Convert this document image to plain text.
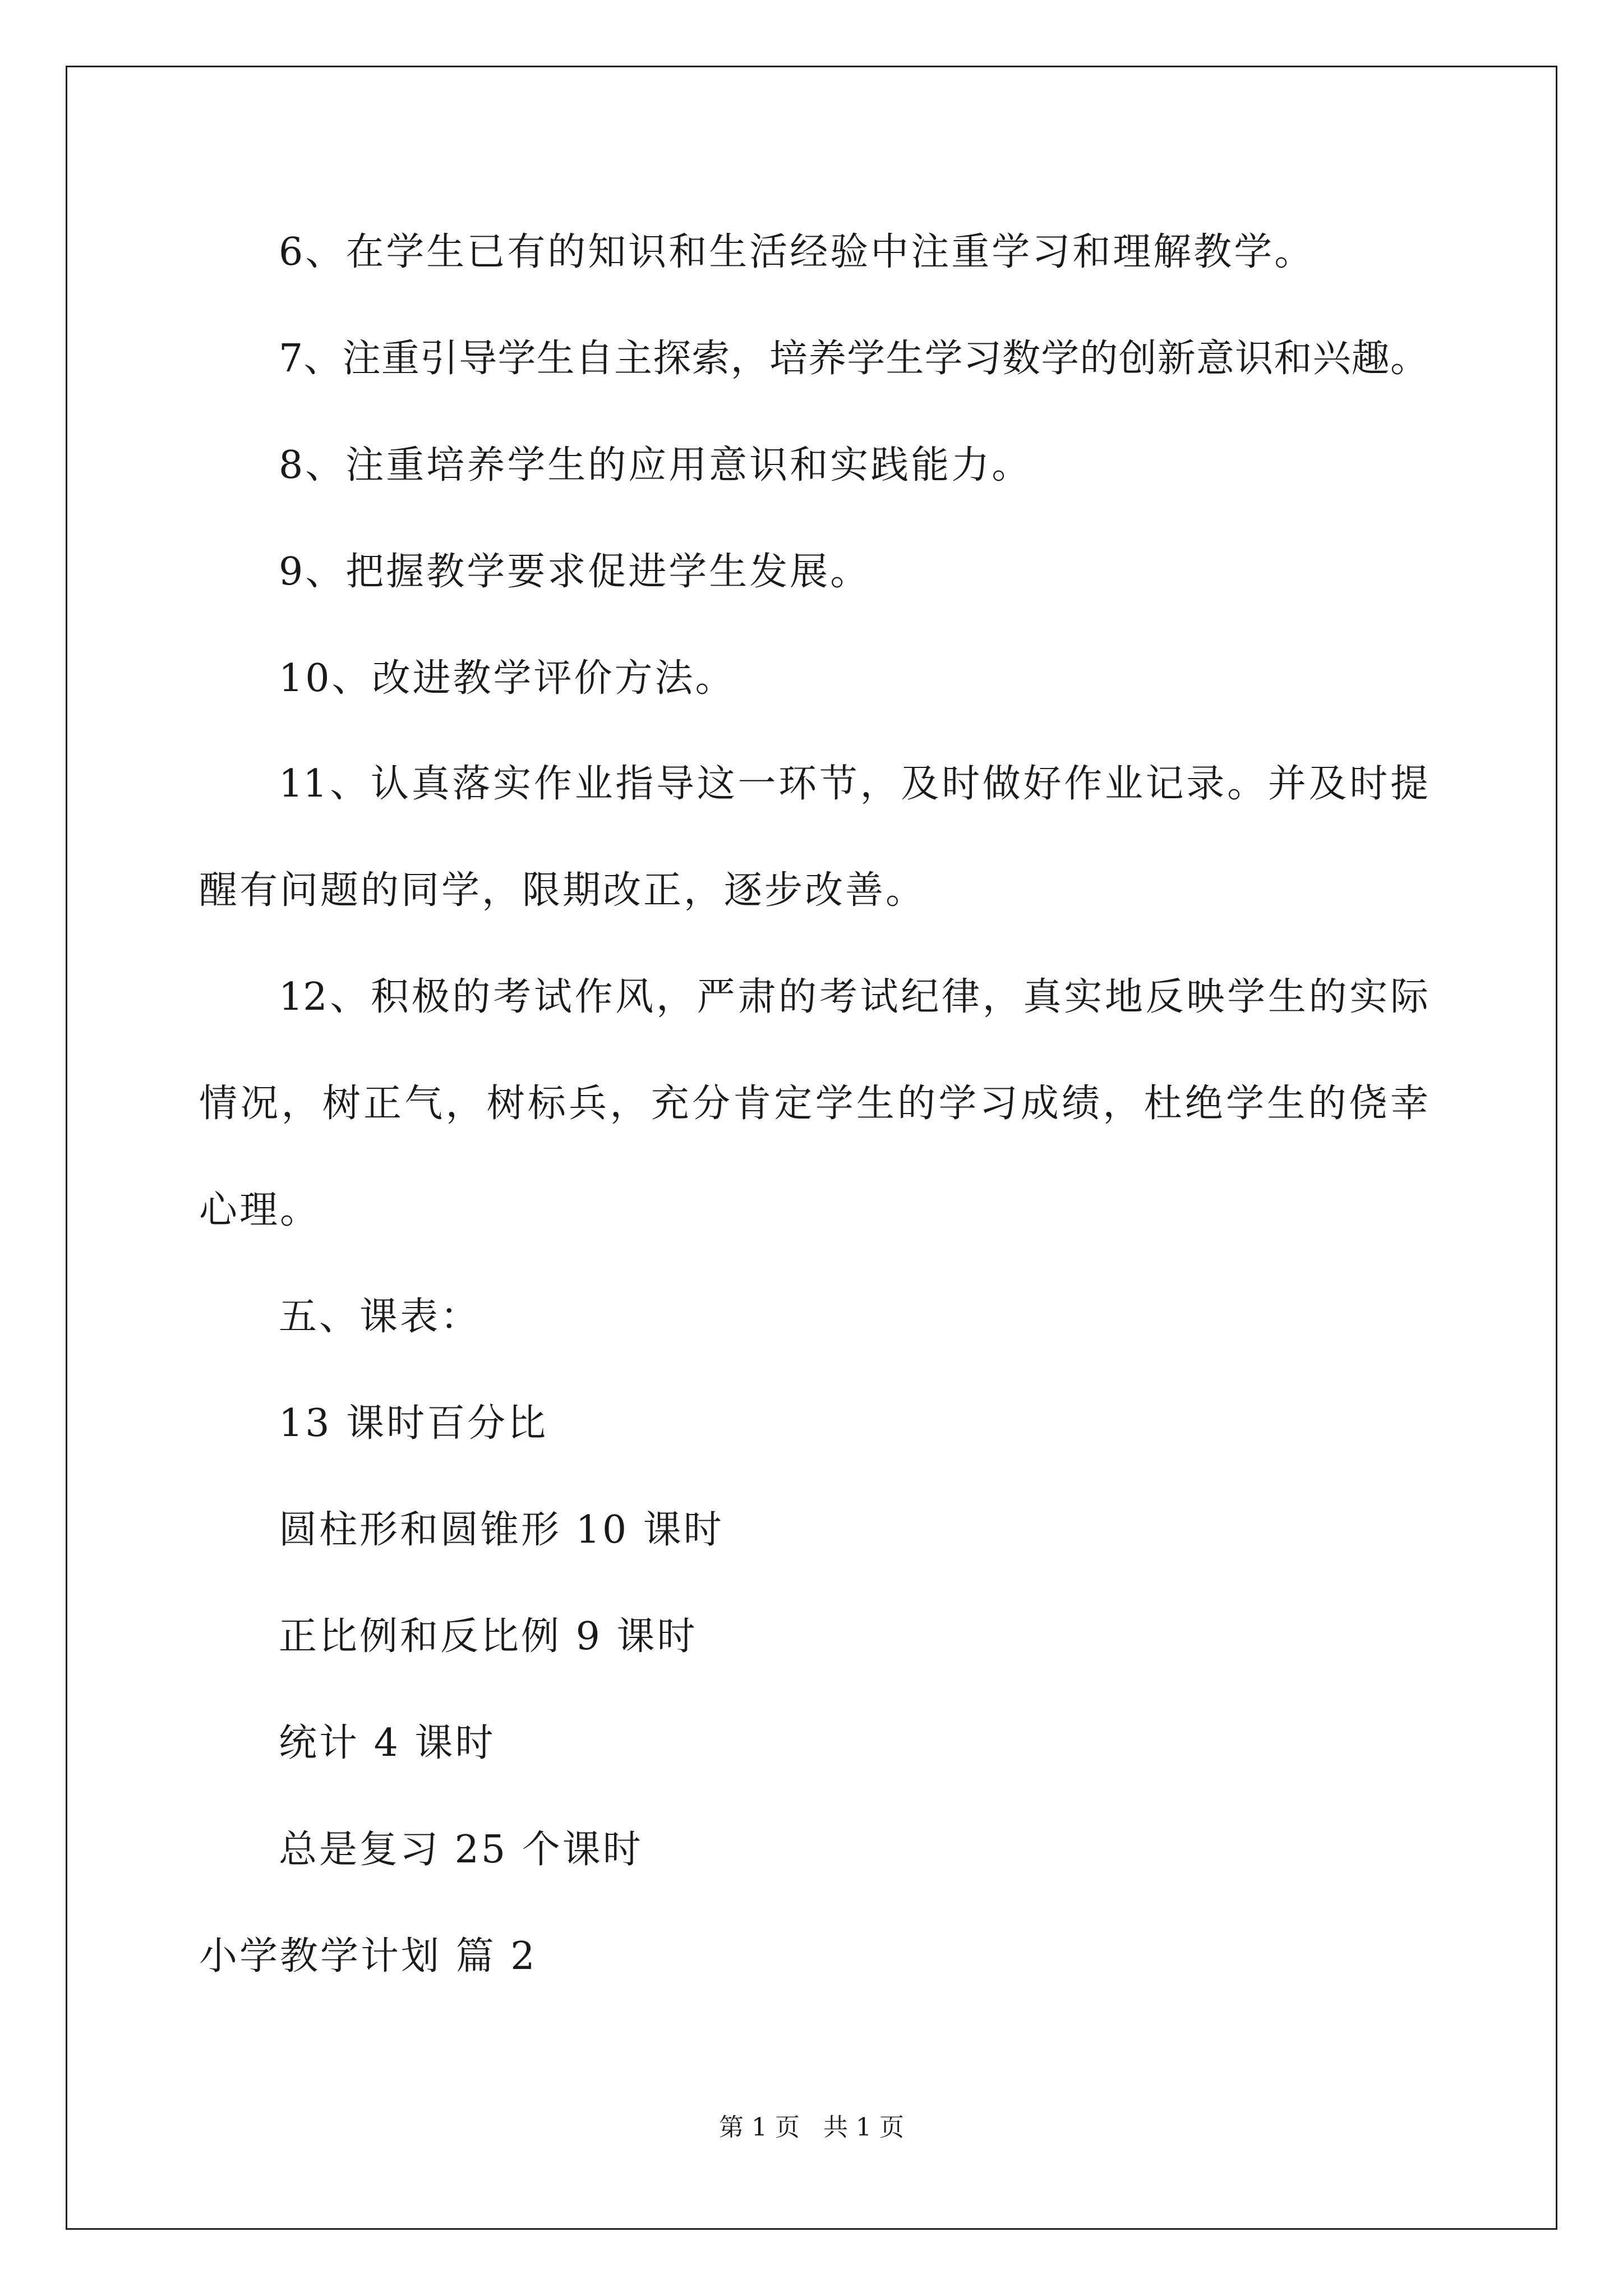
6、在学生已有的知识和生活经验中注重学习和理解教学。
7、注重引导学生自主探索，培养学生学习数学的创新意识和兴趣。
8、注重培养学生的应用意识和实践能力。
9、把握教学要求促进学生发展。
10、改进教学评价方法。
11、认真落实作业指导这一环节，及时做好作业记录。并及时提
醒有问题的同学，限期改正，逐步改善。
12、积极的考试作风，严肃的考试纪律，真实地反映学生的实际
情况，树正气，树标兵，充分肯定学生的学习成绩，杜绝学生的侥幸
心理。
五、课表：
13 课时百分比
圆柱形和圆锥形 10 课时
正比例和反比例 9 课时
统计 4 课时
总是复习 25 个课时
小学教学计划 篇 2
第 1 页   共 1 页
